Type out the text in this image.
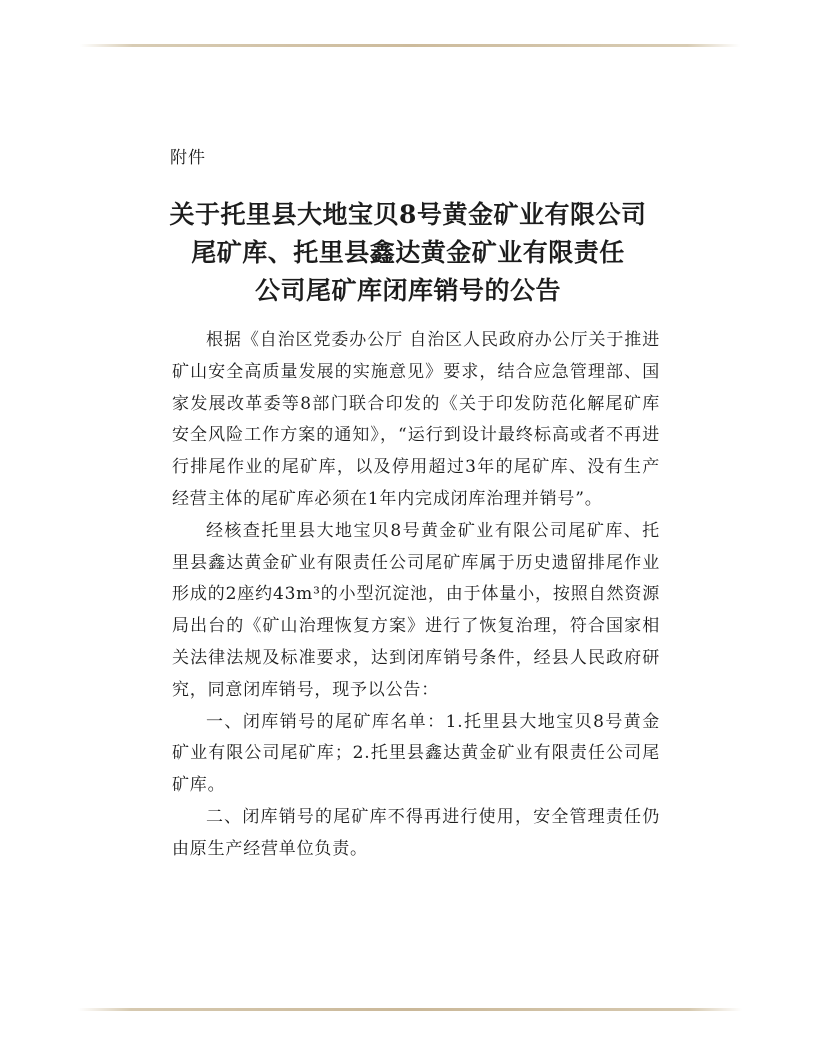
附件

关于托里县大地宝贝8号黄金矿业有限公司
尾矿库、托里县鑫达黄金矿业有限责任
公司尾矿库闭库销号的公告

根据《自治区党委办公厅 自治区人民政府办公厅关于推进矿山安全高质量发展的实施意见》要求，结合应急管理部、国家发展改革委等8部门联合印发的《关于印发防范化解尾矿库安全风险工作方案的通知》，“运行到设计最终标高或者不再进行排尾作业的尾矿库，以及停用超过3年的尾矿库、没有生产经营主体的尾矿库必须在1年内完成闭库治理并销号”。

经核查托里县大地宝贝8号黄金矿业有限公司尾矿库、托里县鑫达黄金矿业有限责任公司尾矿库属于历史遗留排尾作业形成的2座约43m³的小型沉淀池，由于体量小，按照自然资源局出台的《矿山治理恢复方案》进行了恢复治理，符合国家相关法律法规及标准要求，达到闭库销号条件，经县人民政府研究，同意闭库销号，现予以公告：

一、闭库销号的尾矿库名单：1.托里县大地宝贝8号黄金矿业有限公司尾矿库；2.托里县鑫达黄金矿业有限责任公司尾矿库。

二、闭库销号的尾矿库不得再进行使用，安全管理责任仍由原生产经营单位负责。
